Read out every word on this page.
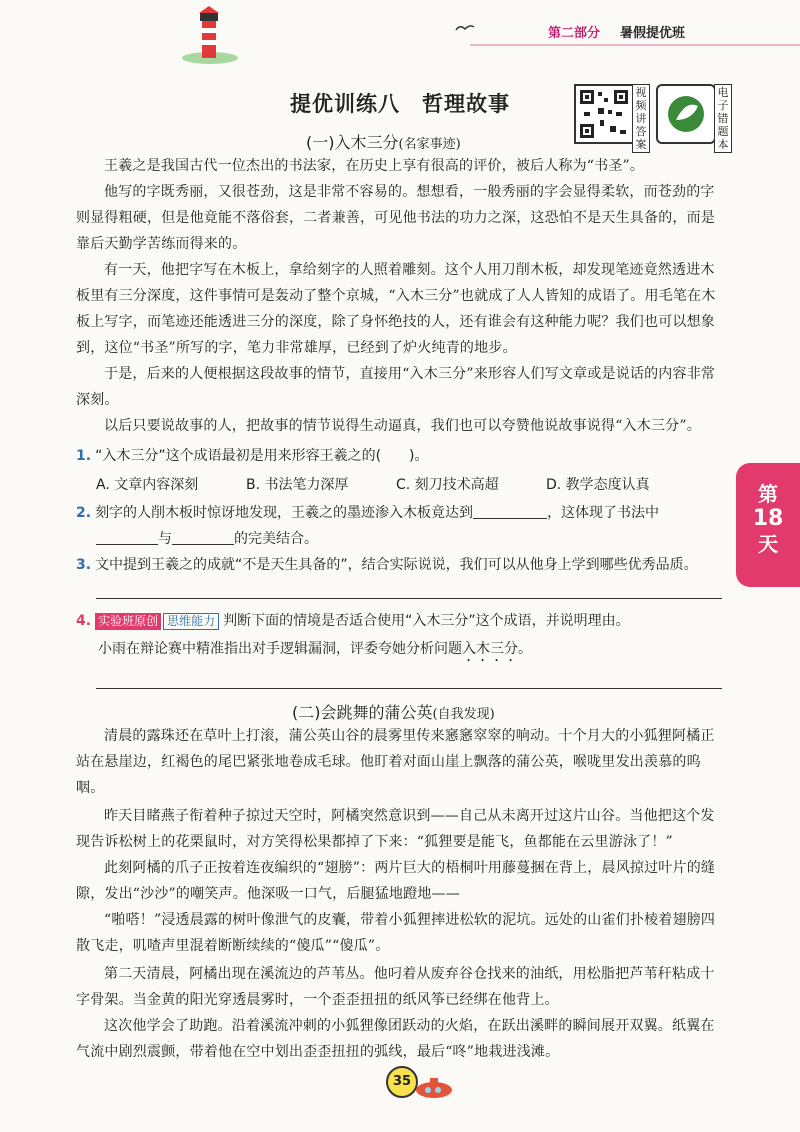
第二部分 暑假提优班
提优训练八　哲理故事	视频讲答案
电子错题本
(一)入木三分(名家事迹)
王羲之是我国古代一位杰出的书法家，在历史上享有很高的评价，被后人称为“书圣”。
他写的字既秀丽，又很苍劲，这是非常不容易的。想想看，一般秀丽的字会显得柔软，而苍劲的字则显得粗硬，但是他竟能不落俗套，二者兼善，可见他书法的功力之深，这恐怕不是天生具备的，而是靠后天勤学苦练而得来的。
有一天，他把字写在木板上，拿给刻字的人照着雕刻。这个人用刀削木板，却发现笔迹竟然透进木板里有三分深度，这件事情可是轰动了整个京城，“入木三分”也就成了人人皆知的成语了。用毛笔在木板上写字，而笔迹还能透进三分的深度，除了身怀绝技的人，还有谁会有这种能力呢？我们也可以想象到，这位“书圣”所写的字，笔力非常雄厚，已经到了炉火纯青的地步。
于是，后来的人便根据这段故事的情节，直接用“入木三分”来形容人们写文章或是说话的内容非常深刻。
以后只要说故事的人，把故事的情节说得生动逼真，我们也可以夸赞他说故事说得“入木三分”。
1. “入木三分”这个成语最初是用来形容王羲之的(　　)。
A. 文章内容深刻	B. 书法笔力深厚	C. 刻刀技术高超	D. 教学态度认真
2. 刻字的人削木板时惊讶地发现，王羲之的墨迹渗入木板竟达到	，这体现了书法中
与	的完美结合。
3. 文中提到王羲之的成就“不是天生具备的”，结合实际说说，我们可以从他身上学到哪些优秀品质。
4. 实验班原创 思维能力 判断下面的情境是否适合使用“入木三分”这个成语，并说明理由。
小雨在辩论赛中精准指出对手逻辑漏洞，评委夸她分析问题入木三分。
(二)会跳舞的蒲公英(自我发现)
清晨的露珠还在草叶上打滚，蒲公英山谷的晨雾里传来窸窸窣窣的响动。十个月大的小狐狸阿橘正站在悬崖边，红褐色的尾巴紧张地卷成毛球。他盯着对面山崖上飘落的蒲公英，喉咙里发出羡慕的呜咽。
昨天目睹燕子衔着种子掠过天空时，阿橘突然意识到——自己从未离开过这片山谷。当他把这个发现告诉松树上的花栗鼠时，对方笑得松果都掉了下来：“狐狸要是能飞，鱼都能在云里游泳了！”
此刻阿橘的爪子正按着连夜编织的“翅膀”：两片巨大的梧桐叶用藤蔓捆在背上，晨风掠过叶片的缝隙，发出“沙沙”的嘲笑声。他深吸一口气，后腿猛地蹬地——
“啪嗒！”浸透晨露的树叶像泄气的皮囊，带着小狐狸摔进松软的泥坑。远处的山雀们扑棱着翅膀四散飞走，叽喳声里混着断断续续的“傻瓜”“傻瓜”。
第二天清晨，阿橘出现在溪流边的芦苇丛。他叼着从废弃谷仓找来的油纸，用松脂把芦苇秆粘成十字骨架。当金黄的阳光穿透晨雾时，一个歪歪扭扭的纸风筝已经绑在他背上。
这次他学会了助跑。沿着溪流冲刺的小狐狸像团跃动的火焰，在跃出溪畔的瞬间展开双翼。纸翼在气流中剧烈震颤，带着他在空中划出歪歪扭扭的弧线，最后“咚”地栽进浅滩。
第
18
天
35
